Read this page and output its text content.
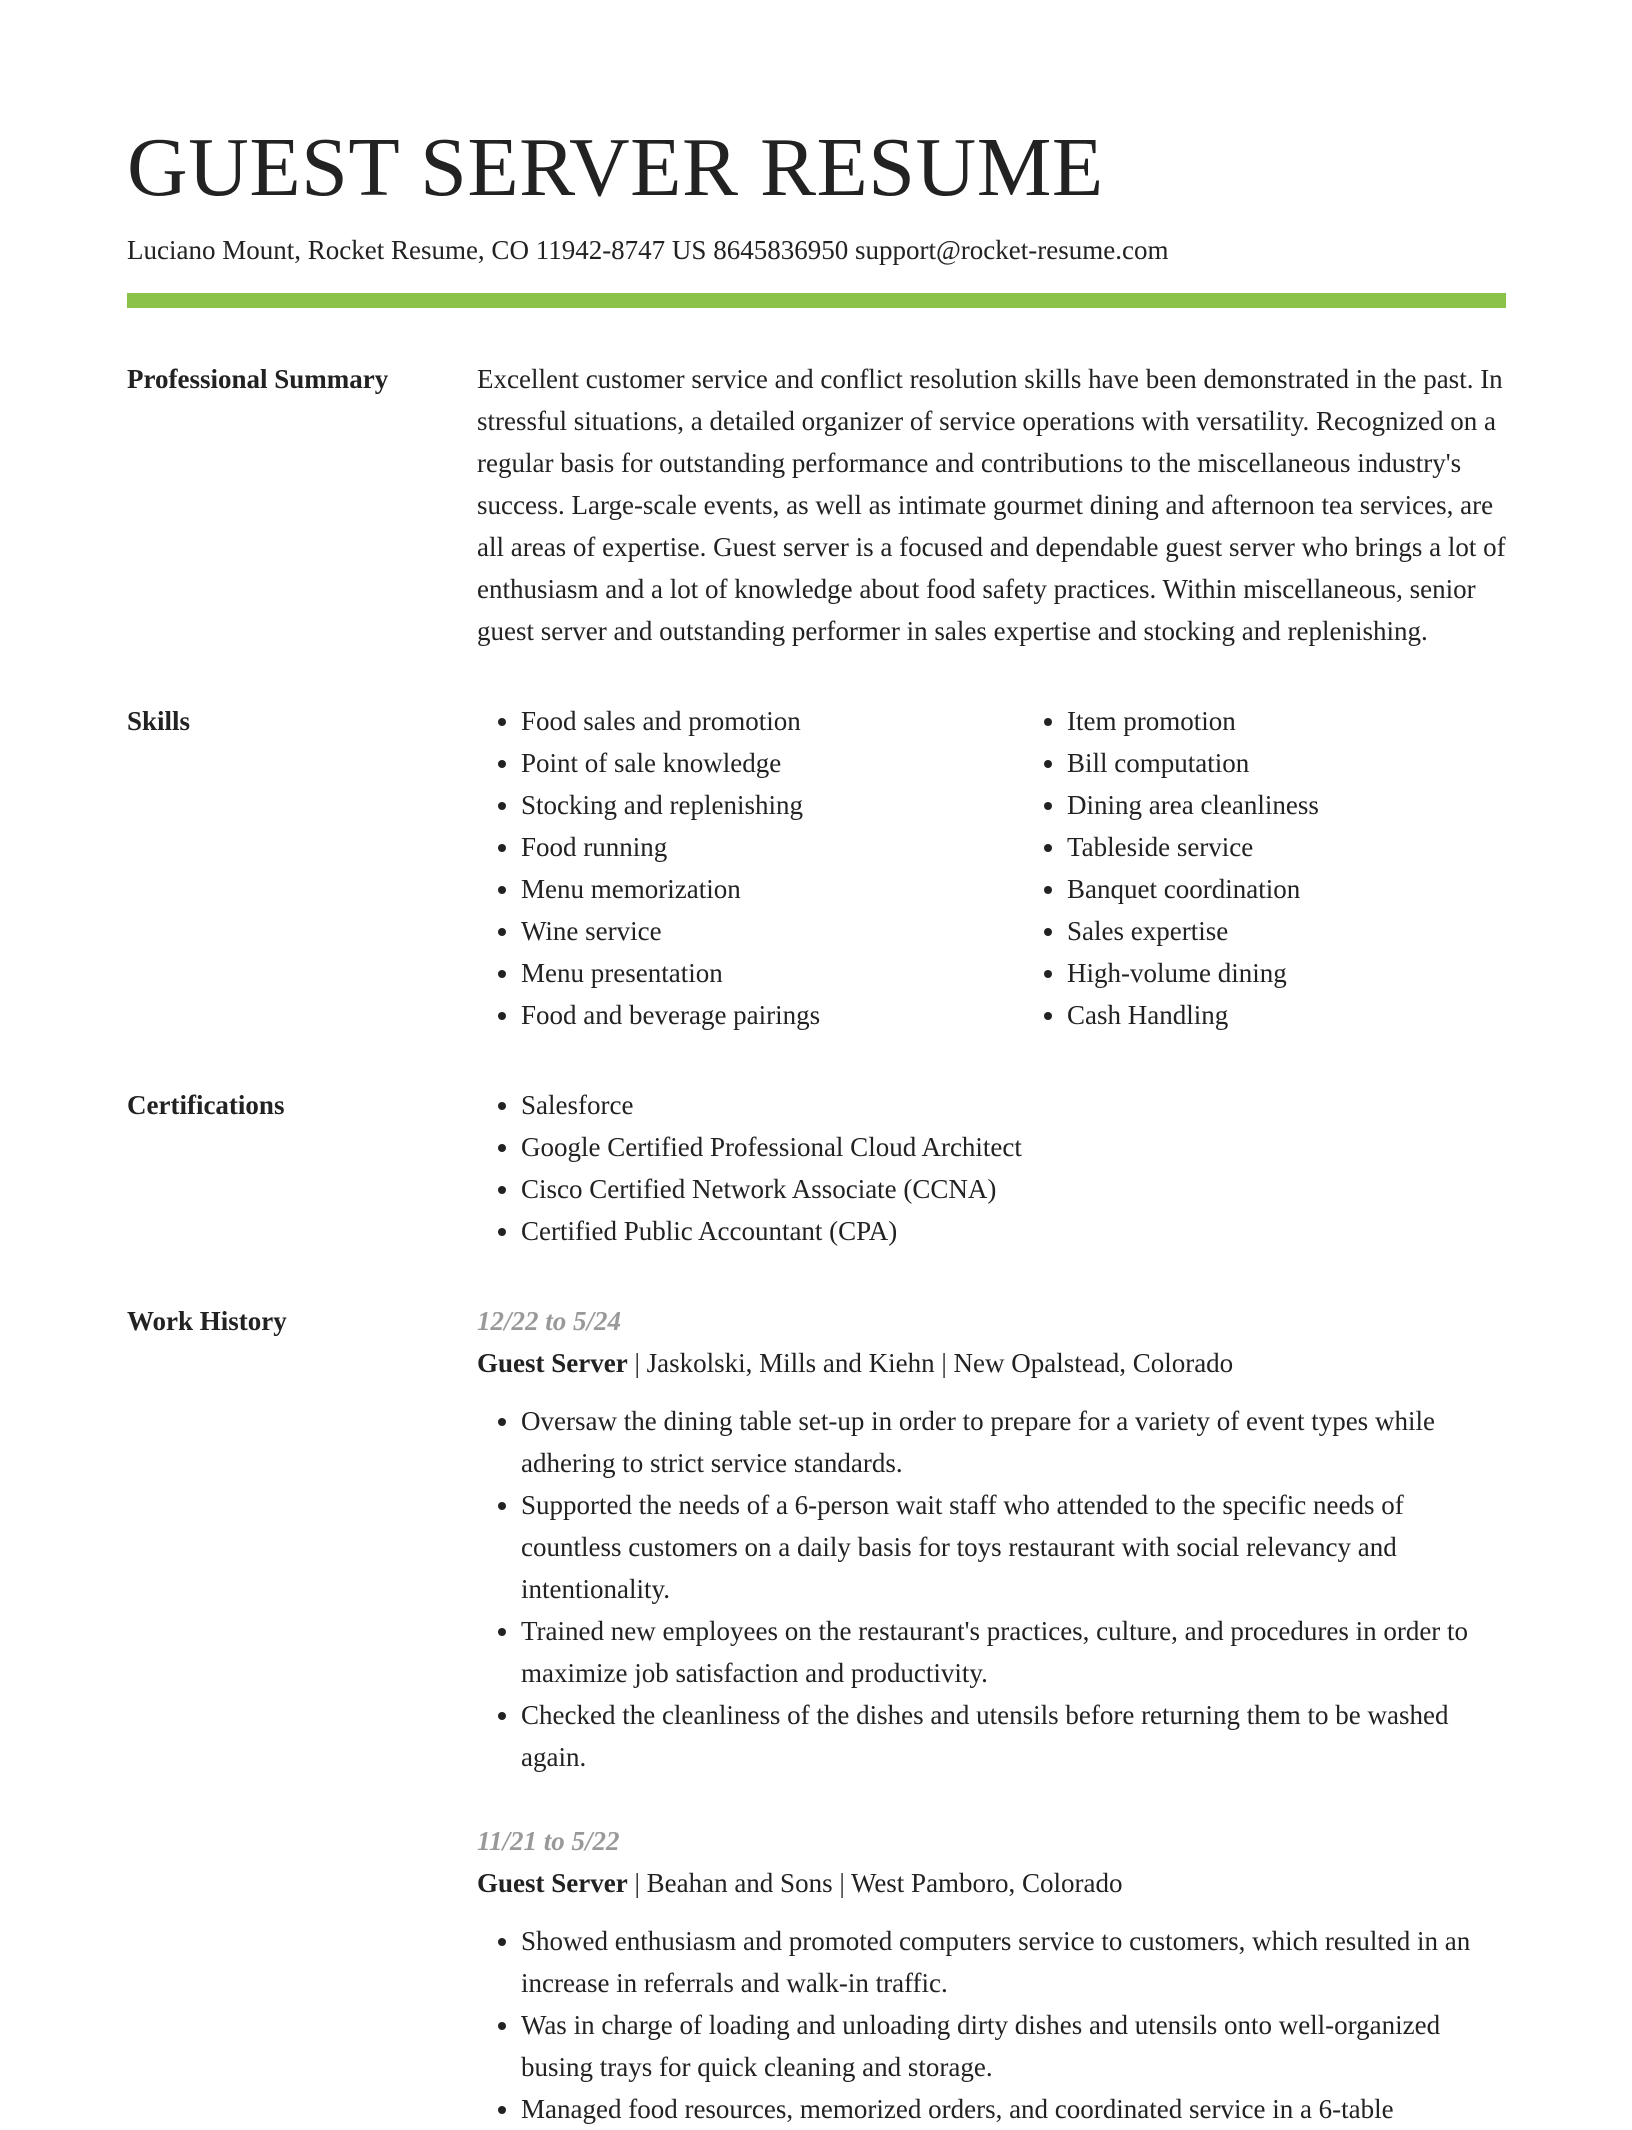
GUEST SERVER RESUME
Luciano Mount, Rocket Resume, CO 11942-8747 US 8645836950 support@rocket-resume.com
Professional Summary	Excellent customer service and conflict resolution skills have been demonstrated in the past. In stressful situations, a detailed organizer of service operations with versatility. Recognized on a regular basis for outstanding performance and contributions to the miscellaneous industry's success. Large-scale events, as well as intimate gourmet dining and afternoon tea services, are all areas of expertise. Guest server is a focused and dependable guest server who brings a lot of enthusiasm and a lot of knowledge about food safety practices. Within miscellaneous, senior guest server and outstanding performer in sales expertise and stocking and replenishing.

Skills	• Food sales and promotion
• Point of sale knowledge
• Stocking and replenishing
• Food running
• Menu memorization
• Wine service
• Menu presentation
• Food and beverage pairings
• Item promotion
• Bill computation
• Dining area cleanliness
• Tableside service
• Banquet coordination
• Sales expertise
• High-volume dining
• Cash Handling
Certifications	• Salesforce
• Google Certified Professional Cloud Architect
• Cisco Certified Network Associate (CCNA)
• Certified Public Accountant (CPA)
Work History	12/22 to 5/24
Guest Server | Jaskolski, Mills and Kiehn | New Opalstead, Colorado
• Oversaw the dining table set-up in order to prepare for a variety of event types while adhering to strict service standards.
• Supported the needs of a 6-person wait staff who attended to the specific needs of countless customers on a daily basis for toys restaurant with social relevancy and intentionality.
• Trained new employees on the restaurant's practices, culture, and procedures in order to maximize job satisfaction and productivity.
• Checked the cleanliness of the dishes and utensils before returning them to be washed again.
11/21 to 5/22
Guest Server | Beahan and Sons | West Pamboro, Colorado
• Showed enthusiasm and promoted computers service to customers, which resulted in an increase in referrals and walk-in traffic.
• Was in charge of loading and unloading dirty dishes and utensils onto well-organized busing trays for quick cleaning and storage.
• Managed food resources, memorized orders, and coordinated service in a 6-table
